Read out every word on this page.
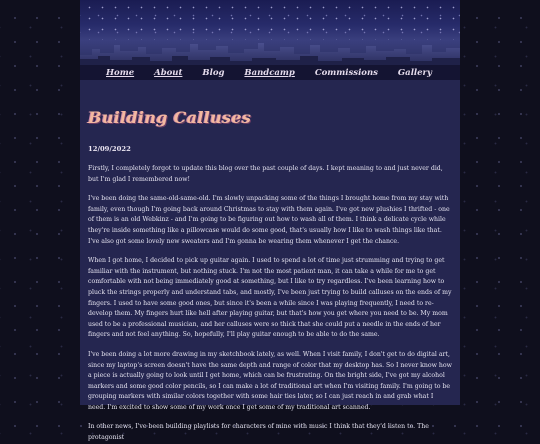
Home About Blog Bandcamp Commissions Gallery
Building Calluses
12/09/2022

Firstly, I completely forgot to update this blog over the past couple of days. I kept meaning to and just never did, but I'm glad I remembered now!

I've been doing the same-old-same-old. I'm slowly unpacking some of the things I brought home from my stay with family, even though I'm going back around Christmas to stay with them again. I've got new plushies I thrifted - one of them is an old Webkinz - and I'm going to be figuring out how to wash all of them. I think a delicate cycle while they're inside something like a pillowcase would do some good, that's usually how I like to wash things like that. I've also got some lovely new sweaters and I'm gonna be wearing them whenever I get the chance.

When I got home, I decided to pick up guitar again. I used to spend a lot of time just strumming and trying to get familiar with the instrument, but nothing stuck. I'm not the most patient man, it can take a while for me to get comfortable with not being immediately good at something, but I like to try regardless. I've been learning how to pluck the strings properly and understand tabs, and mostly, I've been just trying to build calluses on the ends of my fingers. I used to have some good ones, but since it's been a while since I was playing frequently, I need to re-develop them. My fingers hurt like hell after playing guitar, but that's how you get where you need to be. My mom used to be a professional musician, and her calluses were so thick that she could put a needle in the ends of her fingers and not feel anything. So, hopefully, I'll play guitar enough to be able to do the same.

I've been doing a lot more drawing in my sketchbook lately, as well. When I visit family, I don't get to do digital art, since my laptop's screen doesn't have the same depth and range of color that my desktop has. So I never know how a piece is actually going to look until I get home, which can be frustrating. On the bright side, I've got my alcohol markers and some good color pencils, so I can make a lot of traditional art when I'm visiting family. I'm going to be grouping markers with similar colors together with some hair ties later, so I can just reach in and grab what I need. I'm excited to show some of my work once I get some of my traditional art scanned.

In other news, I've been building playlists for characters of mine with music I think that they'd listen to. The protagonist
